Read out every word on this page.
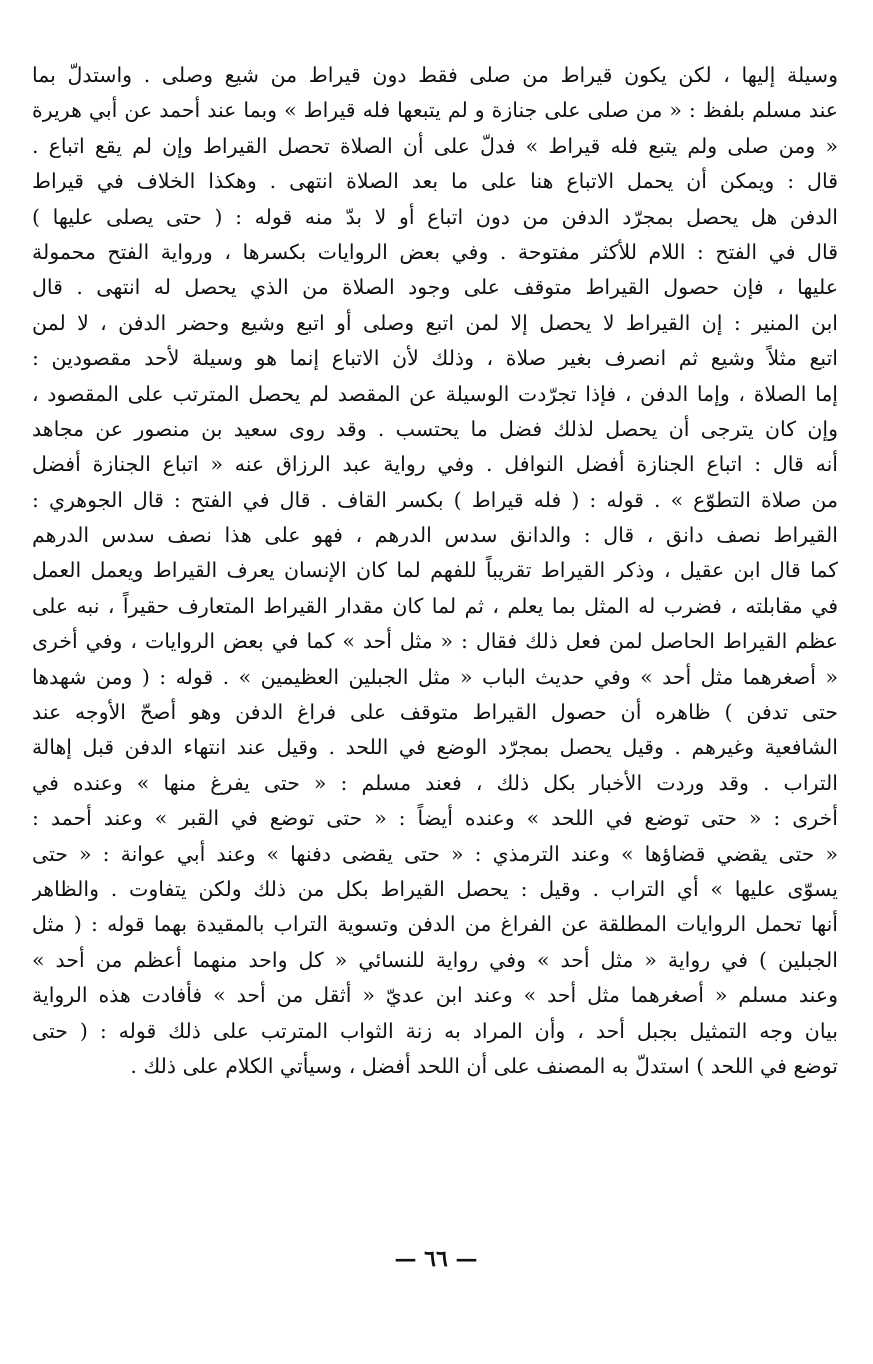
وسيلة إليها ، لكن يكون قيراط من صلى فقط دون قيراط من شيع وصلى . واستدلّ بما
عند مسلم بلفظ : « من صلى على جنازة و لم يتبعها فله قيراط » وبما عند أحمد عن أبي هريرة
« ومن صلى ولم يتبع فله قيراط » فدلّ على أن الصلاة تحصل القيراط وإن لم يقع اتباع .
قال : ويمكن أن يحمل الاتباع هنا على ما بعد الصلاة انتهى . وهكذا الخلاف في قيراط
الدفن هل يحصل بمجرّد الدفن من دون اتباع أو لا بدّ منه قوله : ( حتى يصلى عليها )
قال في الفتح : اللام للأكثر مفتوحة . وفي بعض الروايات بكسرها ، ورواية الفتح محمولة
عليها ، فإن حصول القيراط متوقف على وجود الصلاة من الذي يحصل له انتهى . قال
ابن المنير : إن القيراط لا يحصل إلا لمن اتبع وصلى أو اتبع وشيع وحضر الدفن ، لا لمن
اتبع مثلاً وشيع ثم انصرف بغير صلاة ، وذلك لأن الاتباع إنما هو وسيلة لأحد مقصودين :
إما الصلاة ، وإما الدفن ، فإذا تجرّدت الوسيلة عن المقصد لم يحصل المترتب على المقصود ،
وإن كان يترجى أن يحصل لذلك فضل ما يحتسب . وقد روى سعيد بن منصور عن مجاهد
أنه قال : اتباع الجنازة أفضل النوافل . وفي رواية عبد الرزاق عنه « اتباع الجنازة أفضل
من صلاة التطوّع » . قوله : ( فله قيراط ) بكسر القاف . قال في الفتح : قال الجوهري :
القيراط نصف دانق ، قال : والدانق سدس الدرهم ، فهو على هذا نصف سدس الدرهم
كما قال ابن عقيل ، وذكر القيراط تقريباً للفهم لما كان الإنسان يعرف القيراط ويعمل العمل
في مقابلته ، فضرب له المثل بما يعلم ، ثم لما كان مقدار القيراط المتعارف حقيراً ، نبه على
عظم القيراط الحاصل لمن فعل ذلك فقال : « مثل أحد » كما في بعض الروايات ، وفي أخرى
« أصغرهما مثل أحد » وفي حديث الباب « مثل الجبلين العظيمين » . قوله : ( ومن شهدها
حتى تدفن ) ظاهره أن حصول القيراط متوقف على فراغ الدفن وهو أصحّ الأوجه عند
الشافعية وغيرهم . وقيل يحصل بمجرّد الوضع في اللحد . وقيل عند انتهاء الدفن قبل إهالة
التراب . وقد وردت الأخبار بكل ذلك ، فعند مسلم : « حتى يفرغ منها » وعنده في
أخرى : « حتى توضع في اللحد » وعنده أيضاً : « حتى توضع في القبر » وعند أحمد :
« حتى يقضي قضاؤها » وعند الترمذي : « حتى يقضى دفنها » وعند أبي عوانة : « حتى
يسوّى عليها » أي التراب . وقيل : يحصل القيراط بكل من ذلك ولكن يتفاوت . والظاهر
أنها تحمل الروايات المطلقة عن الفراغ من الدفن وتسوية التراب بالمقيدة بهما قوله : ( مثل
الجبلين ) في رواية « مثل أحد » وفي رواية للنسائي « كل واحد منهما أعظم من أحد »
وعند مسلم « أصغرهما مثل أحد » وعند ابن عديّ « أثقل من أحد » فأفادت هذه الرواية
بيان وجه التمثيل بجبل أحد ، وأن المراد به زنة الثواب المترتب على ذلك قوله : ( حتى
توضع في اللحد ) استدلّ به المصنف على أن اللحد أفضل ، وسيأتي الكلام على ذلك .
— ٦٦ —
